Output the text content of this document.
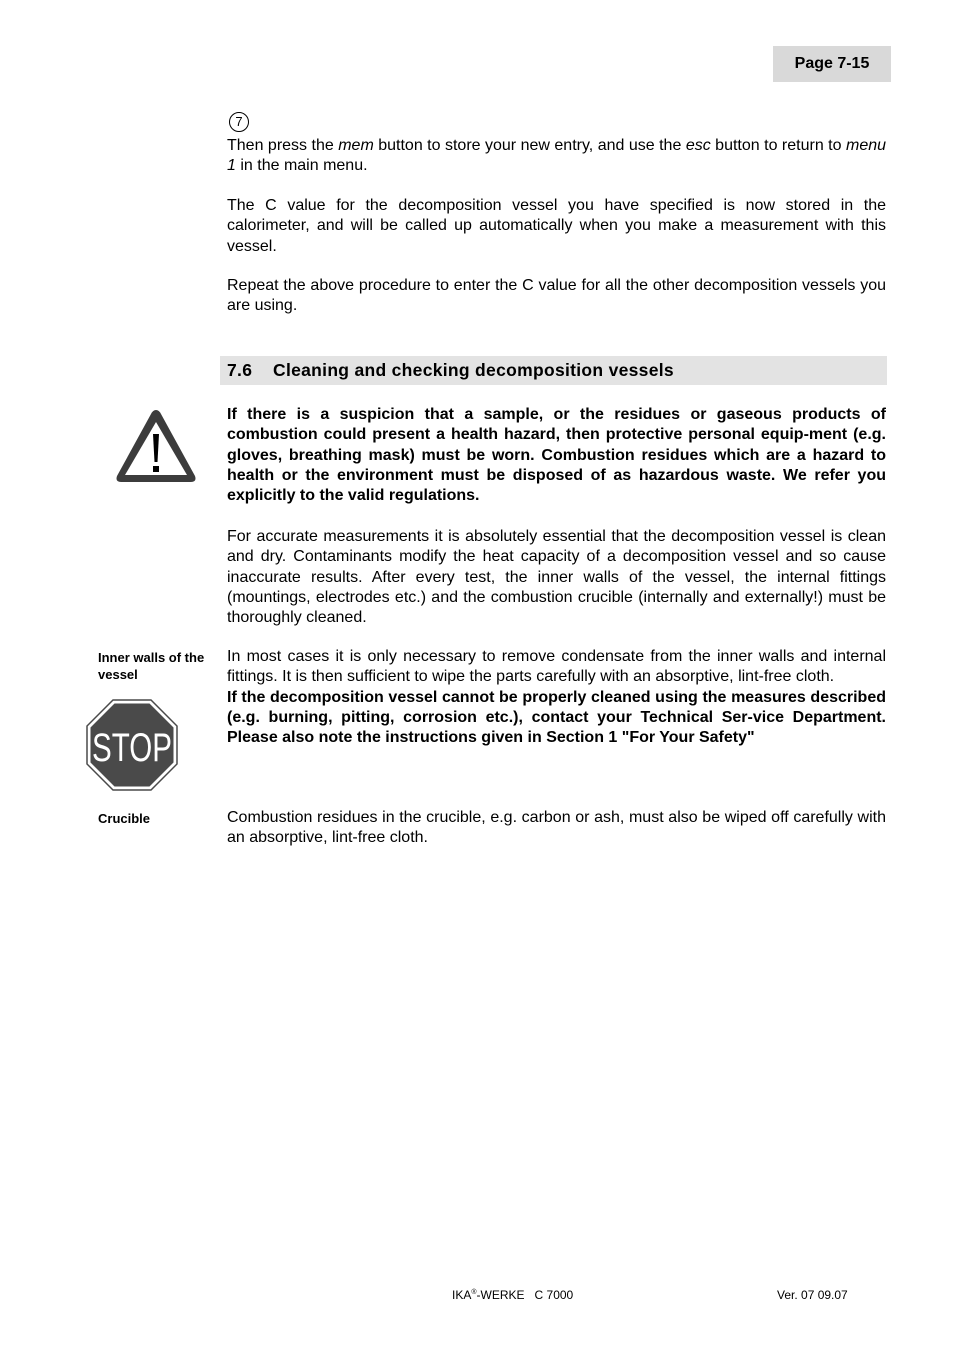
Page 7-15
7

Then press the mem button to store your new entry, and use the esc button to return to menu 1 in the main menu.

The C value for the decomposition vessel you have specified is now stored in the calorimeter, and will be called up automatically when you make a measurement with this vessel.

Repeat the above procedure to enter the C value for all the other decomposition vessels you are using.

7.6	Cleaning and checking decomposition vessels

If there is a suspicion that a sample, or the residues or gaseous products of combustion could present a health hazard, then protective personal equip-ment (e.g. gloves, breathing mask) must be worn. Combustion residues which are a hazard to health or the environment must be disposed of as hazardous waste. We refer you explicitly to the valid regulations.

For accurate measurements it is absolutely essential that the decomposition vessel is clean and dry. Contaminants modify the heat capacity of a decomposition vessel and so cause inaccurate results. After every test, the inner walls of the vessel, the internal fittings (mountings, electrodes etc.) and the combustion crucible (internally and externally!) must be thoroughly cleaned.

Inner walls of the vessel

In most cases it is only necessary to remove condensate from the inner walls and internal fittings. It is then sufficient to wipe the parts carefully with an absorptive, lint-free cloth.

If the decomposition vessel cannot be properly cleaned using the measures described (e.g. burning, pitting, corrosion etc.), contact your Technical Ser-vice Department. Please also note the instructions given in Section 1 "For Your Safety"

STOP
Crucible	Combustion residues in the crucible, e.g. carbon or ash, must also be wiped off carefully with an absorptive, lint-free cloth.

IKA®-WERKE   C 7000	Ver. 07 09.07
